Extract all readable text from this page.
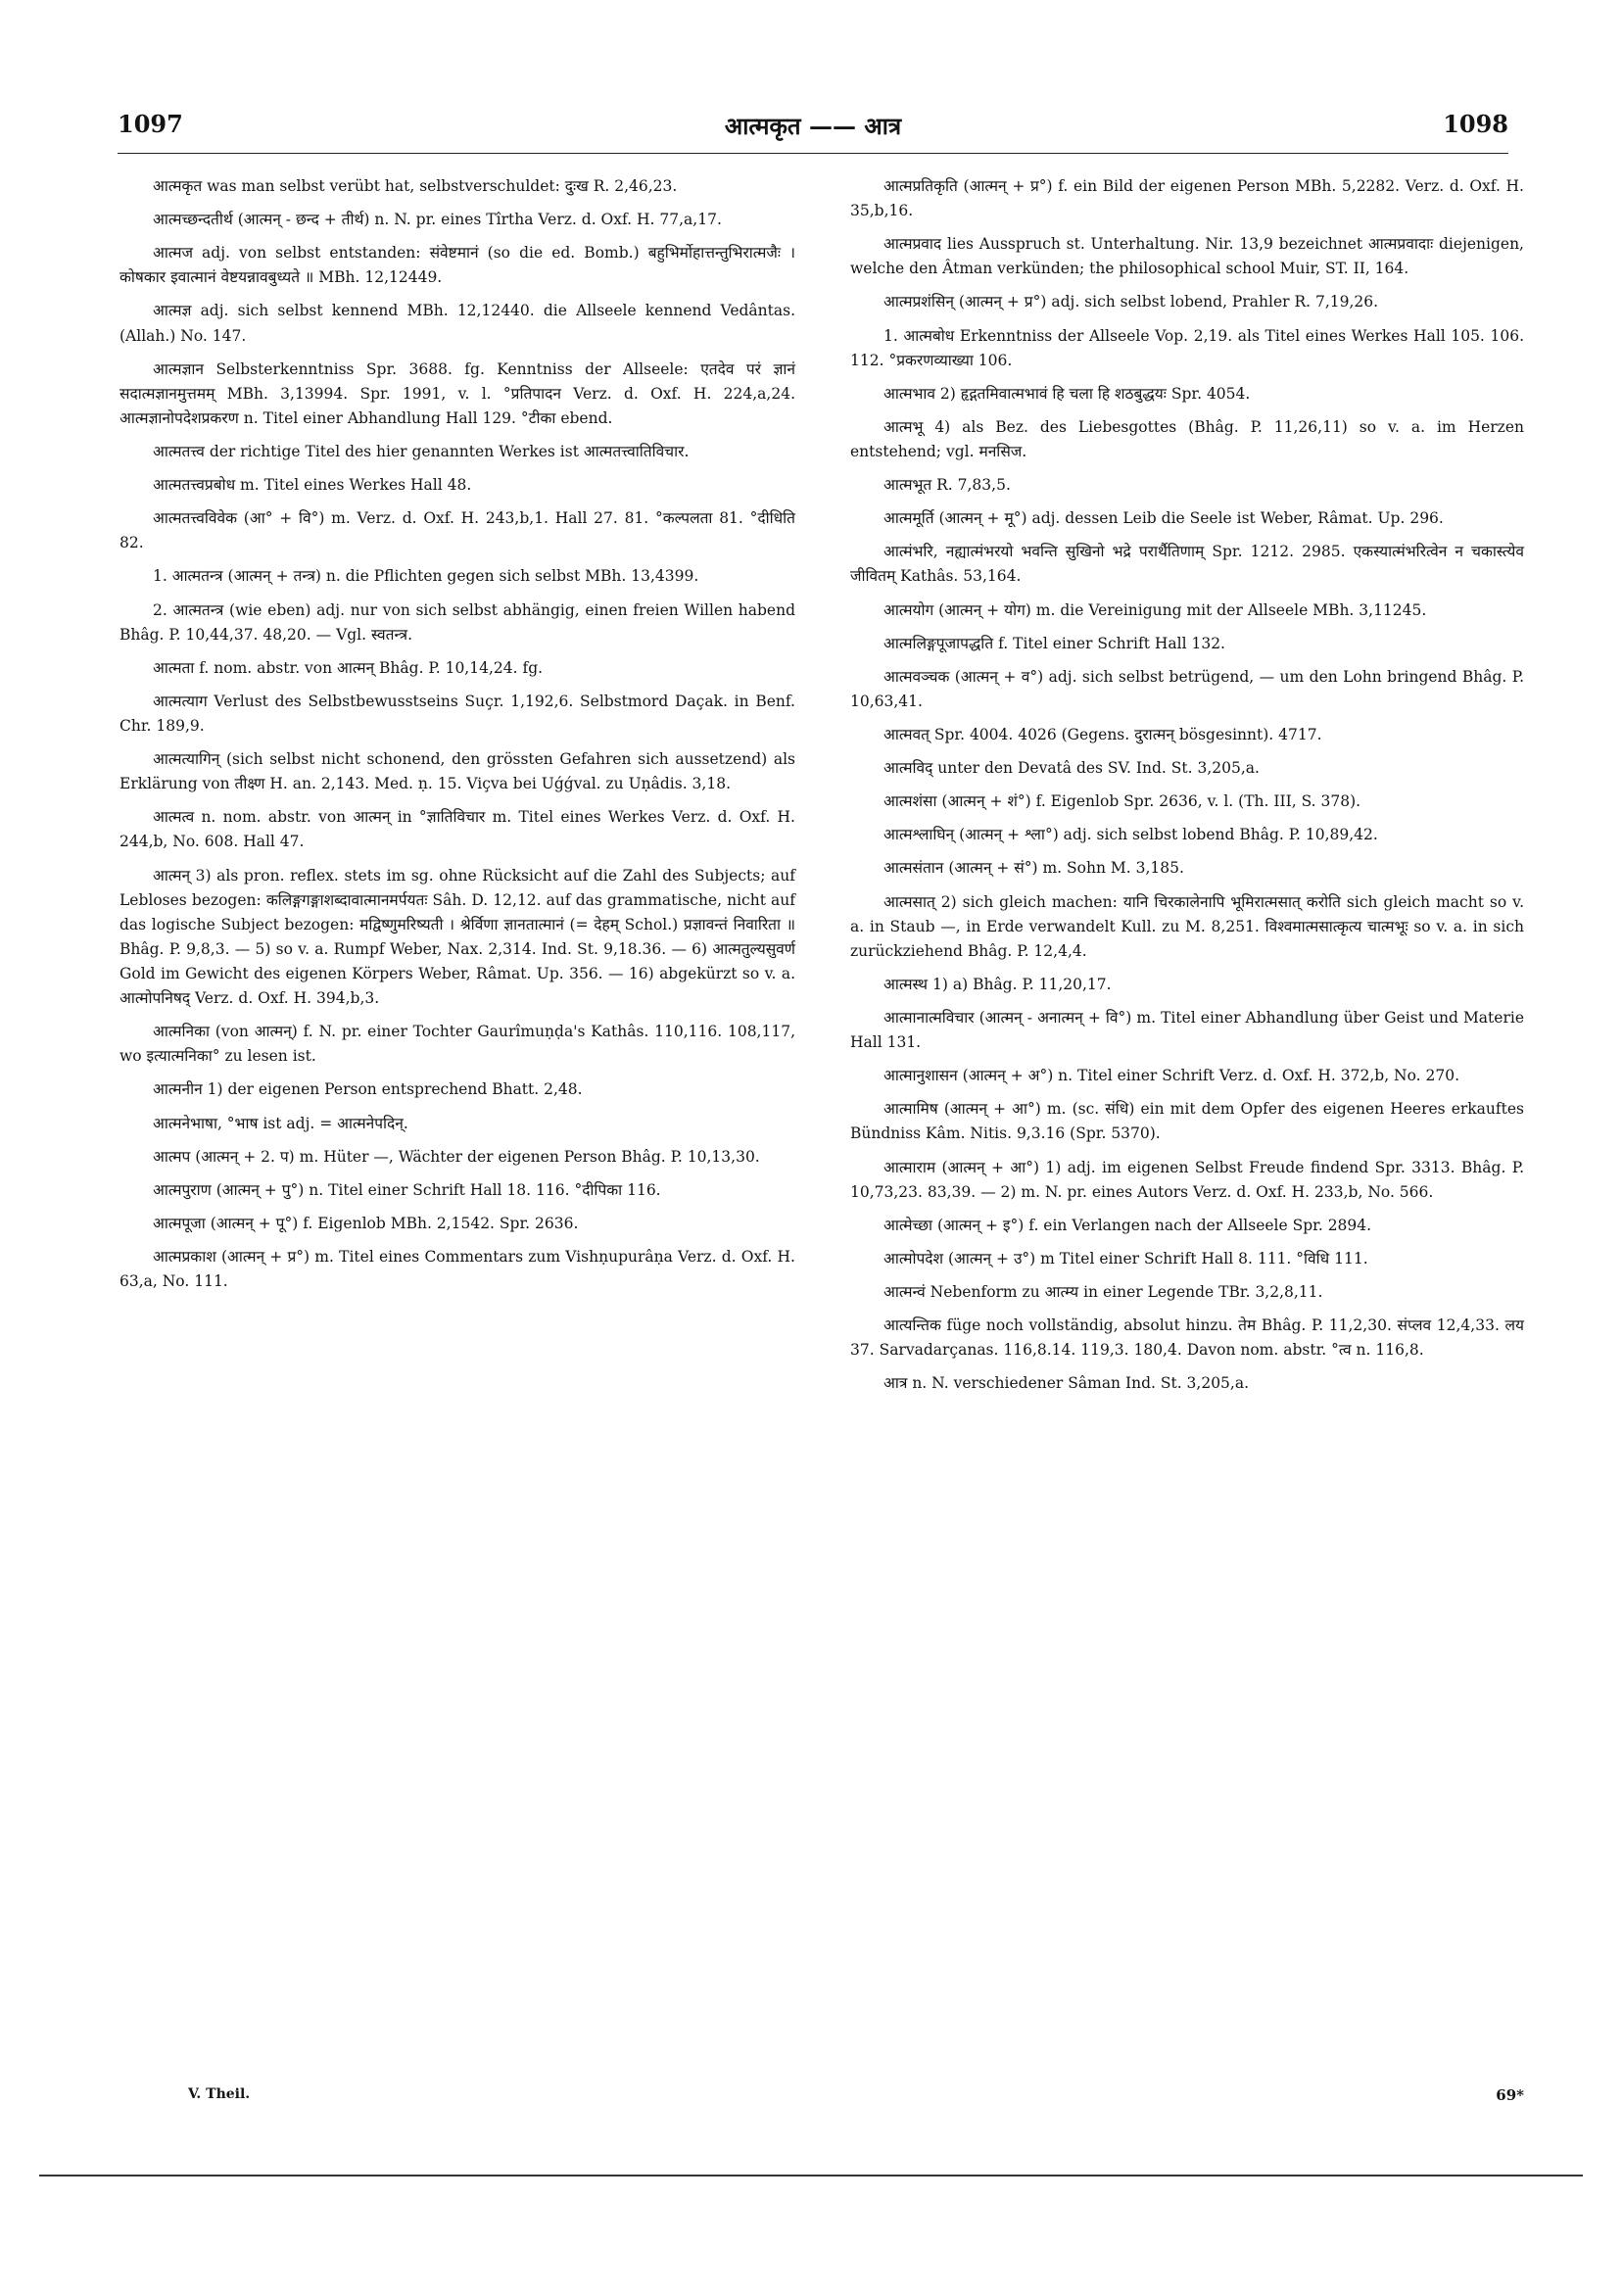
1097	आत्मकृत —— आत्र	1098

आत्मकृत was man selbst verübt hat, selbstverschuldet: दुःख R. 2,46,23.

आत्मच्छन्दतीर्थ (आत्मन् - छन्द + तीर्थ) n. N. pr. eines Tîrtha Verz. d. Oxf. H. 77,a,17.

आत्मज adj. von selbst entstanden: संवेष्टमानं (so die ed. Bomb.) बहुभिर्मोहात्तन्तुभिरात्मजैः । कोषकार इवात्मानं वेष्टयन्नावबुध्यते ॥ MBh. 12,12449.

आत्मज्ञ adj. sich selbst kennend MBh. 12,12440. die Allseele kennend Vedântas. (Allah.) No. 147.

आत्मज्ञान Selbsterkenntniss Spr. 3688. fg. Kenntniss der Allseele: एतदेव परं ज्ञानं सदात्मज्ञानमुत्तमम् MBh. 3,13994. Spr. 1991, v. l. °प्रतिपादन Verz. d. Oxf. H. 224,a,24. आत्मज्ञानोपदेशप्रकरण n. Titel einer Abhandlung Hall 129. °टीका ebend.

आत्मतत्त्व der richtige Titel des hier genannten Werkes ist आत्मतत्त्वातिविचार.

आत्मतत्त्वप्रबोध m. Titel eines Werkes Hall 48.

आत्मतत्त्वविवेक (आ° + वि°) m. Verz. d. Oxf. H. 243,b,1. Hall 27. 81. °कल्पलता 81. °दीधिति 82.

1. आत्मतन्त्र (आत्मन् + तन्त्र) n. die Pflichten gegen sich selbst MBh. 13,4399.

2. आत्मतन्त्र (wie eben) adj. nur von sich selbst abhängig, einen freien Willen habend Bhâg. P. 10,44,37. 48,20. — Vgl. स्वतन्त्र.

आत्मता f. nom. abstr. von आत्मन् Bhâg. P. 10,14,24. fg.

आत्मत्याग Verlust des Selbstbewusstseins Suçr. 1,192,6. Selbstmord Daçak. in Benf. Chr. 189,9.

आत्मत्यागिन् (sich selbst nicht schonend, den grössten Gefahren sich aussetzend) als Erklärung von तीक्ष्ण H. an. 2,143. Med. ṇ. 15. Viçva bei Uǵǵval. zu Uṇâdis. 3,18.

आत्मत्व n. nom. abstr. von आत्मन् in °ज्ञातिविचार m. Titel eines Werkes Verz. d. Oxf. H. 244,b, No. 608. Hall 47.

आत्मन् 3) als pron. reflex. stets im sg. ohne Rücksicht auf die Zahl des Subjects; auf Lebloses bezogen: कलिङ्गगङ्गाशब्दावात्मानमर्पयतः Sâh. D. 12,12. auf das grammatische, nicht auf das logische Subject bezogen: मद्विष्णुमरिष्यती । श्रेर्विणा ज्ञानतात्मानं (= देहम् Schol.) प्रज्ञावन्तं निवारिता ॥ Bhâg. P. 9,8,3. — 5) so v. a. Rumpf Weber, Nax. 2,314. Ind. St. 9,18.36. — 6) आत्मतुल्यसुवर्ण Gold im Gewicht des eigenen Körpers Weber, Râmat. Up. 356. — 16) abgekürzt so v. a. आत्मोपनिषद् Verz. d. Oxf. H. 394,b,3.

आत्मनिका (von आत्मन्) f. N. pr. einer Tochter Gaurîmuṇḍa's Kathâs. 110,116. 108,117, wo इत्यात्मनिका° zu lesen ist.

आत्मनीन 1) der eigenen Person entsprechend Bhatt. 2,48.

आत्मनेभाषा, °भाष ist adj. = आत्मनेपदिन्.

आत्मप (आत्मन् + 2. प) m. Hüter —, Wächter der eigenen Person Bhâg. P. 10,13,30.

आत्मपुराण (आत्मन् + पु°) n. Titel einer Schrift Hall 18. 116. °दीपिका 116.

आत्मपूजा (आत्मन् + पू°) f. Eigenlob MBh. 2,1542. Spr. 2636.

आत्मप्रकाश (आत्मन् + प्र°) m. Titel eines Commentars zum Vishṇupurâṇa Verz. d. Oxf. H. 63,a, No. 111.

आत्मप्रतिकृति (आत्मन् + प्र°) f. ein Bild der eigenen Person MBh. 5,2282. Verz. d. Oxf. H. 35,b,16.

आत्मप्रवाद lies Ausspruch st. Unterhaltung. Nir. 13,9 bezeichnet आत्मप्रवादाः diejenigen, welche den Âtman verkünden; the philosophical school Muir, ST. II, 164.

आत्मप्रशंसिन् (आत्मन् + प्र°) adj. sich selbst lobend, Prahler R. 7,19,26.

1. आत्मबोध Erkenntniss der Allseele Vop. 2,19. als Titel eines Werkes Hall 105. 106. 112. °प्रकरणव्याख्या 106.

आत्मभाव 2) हृद्गतमिवात्मभावं हि चला हि शठबुद्धयः Spr. 4054.

आत्मभू 4) als Bez. des Liebesgottes (Bhâg. P. 11,26,11) so v. a. im Herzen entstehend; vgl. मनसिज.

आत्मभूत R. 7,83,5.

आत्ममूर्ति (आत्मन् + मू°) adj. dessen Leib die Seele ist Weber, Râmat. Up. 296.

आत्मंभरि, नह्यात्मंभरयो भवन्ति सुखिनो भद्रे परार्थैतिणाम् Spr. 1212. 2985. एकस्यात्मंभरित्वेन न चकास्त्येव जीवितम् Kathâs. 53,164.

आत्मयोग (आत्मन् + योग) m. die Vereinigung mit der Allseele MBh. 3,11245.

आत्मलिङ्गपूजापद्धति f. Titel einer Schrift Hall 132.

आत्मवञ्चक (आत्मन् + व°) adj. sich selbst betrügend, — um den Lohn bringend Bhâg. P. 10,63,41.

आत्मवत् Spr. 4004. 4026 (Gegens. दुरात्मन् bösgesinnt). 4717.

आत्मविद् unter den Devatâ des SV. Ind. St. 3,205,a.

आत्मशंसा (आत्मन् + शं°) f. Eigenlob Spr. 2636, v. l. (Th. III, S. 378).

आत्मश्लाघिन् (आत्मन् + श्ला°) adj. sich selbst lobend Bhâg. P. 10,89,42.

आत्मसंतान (आत्मन् + सं°) m. Sohn M. 3,185.

आत्मसात् 2) sich gleich machen: यानि चिरकालेनापि भूमिरात्मसात् करोति sich gleich macht so v. a. in Staub —, in Erde verwandelt Kull. zu M. 8,251. विश्वमात्मसात्कृत्य चात्मभूः so v. a. in sich zurückziehend Bhâg. P. 12,4,4.

आत्मस्थ 1) a) Bhâg. P. 11,20,17.

आत्मानात्मविचार (आत्मन् - अनात्मन् + वि°) m. Titel einer Abhandlung über Geist und Materie Hall 131.

आत्मानुशासन (आत्मन् + अ°) n. Titel einer Schrift Verz. d. Oxf. H. 372,b, No. 270.

आत्मामिष (आत्मन् + आ°) m. (sc. संधि) ein mit dem Opfer des eigenen Heeres erkauftes Bündniss Kâm. Nitis. 9,3.16 (Spr. 5370).

आत्माराम (आत्मन् + आ°) 1) adj. im eigenen Selbst Freude findend Spr. 3313. Bhâg. P. 10,73,23. 83,39. — 2) m. N. pr. eines Autors Verz. d. Oxf. H. 233,b, No. 566.

आत्मेच्छा (आत्मन् + इ°) f. ein Verlangen nach der Allseele Spr. 2894.

आत्मोपदेश (आत्मन् + उ°) m Titel einer Schrift Hall 8. 111. °विधि 111.

आत्मन्वं Nebenform zu आत्म्य in einer Legende TBr. 3,2,8,11.

आत्यन्तिक füge noch vollständig, absolut hinzu. तेम Bhâg. P. 11,2,30. संप्लव 12,4,33. लय 37. Sarvadarçanas. 116,8.14. 119,3. 180,4. Davon nom. abstr. °त्व n. 116,8.

आत्र n. N. verschiedener Sâman Ind. St. 3,205,a.

V. Theil.	69*
